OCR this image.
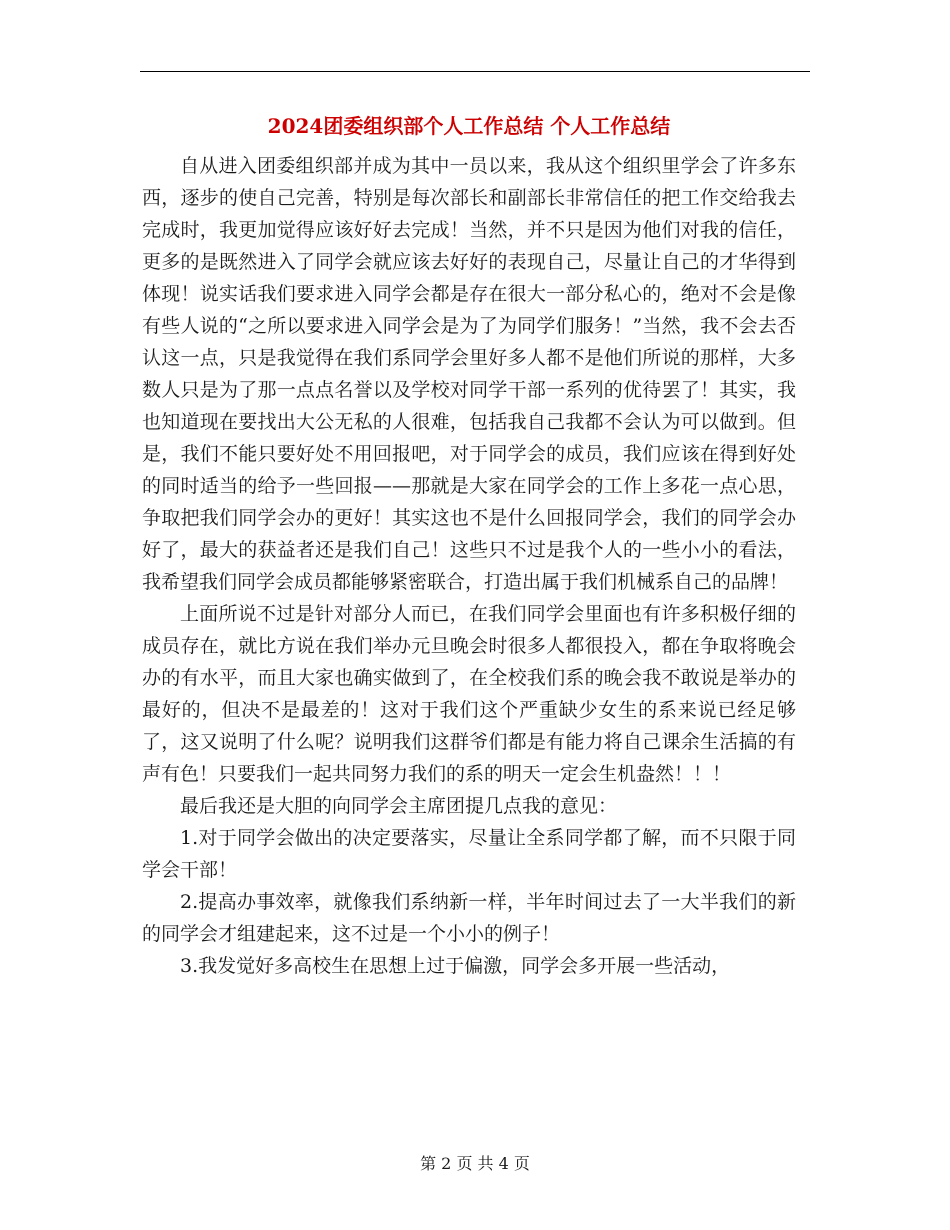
2024团委组织部个人工作总结 个人工作总结

自从进入团委组织部并成为其中一员以来，我从这个组织里学会了许多东西，逐步的使自己完善，特别是每次部长和副部长非常信任的把工作交给我去完成时，我更加觉得应该好好去完成！当然，并不只是因为他们对我的信任，更多的是既然进入了同学会就应该去好好的表现自己，尽量让自己的才华得到体现！说实话我们要求进入同学会都是存在很大一部分私心的，绝对不会是像有些人说的“之所以要求进入同学会是为了为同学们服务！”当然，我不会去否认这一点，只是我觉得在我们系同学会里好多人都不是他们所说的那样，大多数人只是为了那一点点名誉以及学校对同学干部一系列的优待罢了！其实，我也知道现在要找出大公无私的人很难，包括我自己我都不会认为可以做到。但是，我们不能只要好处不用回报吧，对于同学会的成员，我们应该在得到好处的同时适当的给予一些回报——那就是大家在同学会的工作上多花一点心思，争取把我们同学会办的更好！其实这也不是什么回报同学会，我们的同学会办好了，最大的获益者还是我们自己！这些只不过是我个人的一些小小的看法，我希望我们同学会成员都能够紧密联合，打造出属于我们机械系自己的品牌！

上面所说不过是针对部分人而已，在我们同学会里面也有许多积极仔细的成员存在，就比方说在我们举办元旦晚会时很多人都很投入，都在争取将晚会办的有水平，而且大家也确实做到了，在全校我们系的晚会我不敢说是举办的最好的，但决不是最差的！这对于我们这个严重缺少女生的系来说已经足够了，这又说明了什么呢？说明我们这群爷们都是有能力将自己课余生活搞的有声有色！只要我们一起共同努力我们的系的明天一定会生机盎然！！！

最后我还是大胆的向同学会主席团提几点我的意见：

1.对于同学会做出的决定要落实，尽量让全系同学都了解，而不只限于同学会干部！

2.提高办事效率，就像我们系纳新一样，半年时间过去了一大半我们的新的同学会才组建起来，这不过是一个小小的例子！

3.我发觉好多高校生在思想上过于偏激，同学会多开展一些活动，

第 2 页 共 4 页
